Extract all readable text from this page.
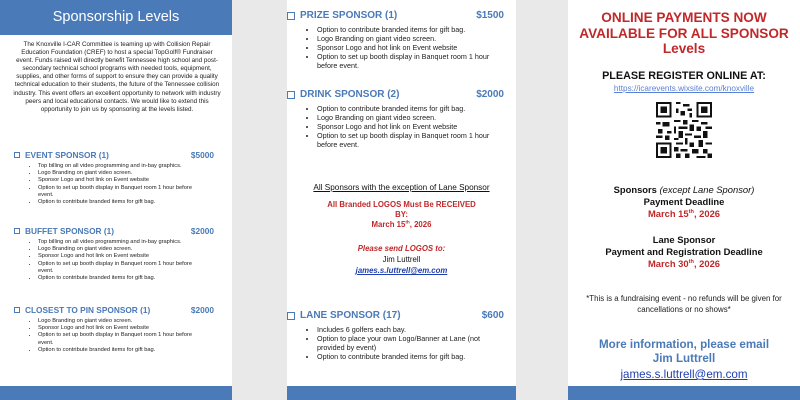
Sponsorship Levels
The Knoxville I-CAR Committee is teaming up with Collision Repair Education Foundation (CREF) to host a special TopGolf® Fundraiser event. Funds raised will directly benefit Tennessee high school and post-secondary technical school programs with needed tools, equipment, supplies, and other forms of support to ensure they can provide a quality technical education to their students, the future of the Tennessee collision industry. This event offers an excellent opportunity to network with industry peers and local educational contacts. We would like to extend this opportunity to join us by sponsoring at the levels listed.
EVENT SPONSOR (1)	$5000
• Top billing on all video programming and in-bay graphics.
• Logo Branding on giant video screen.
• Sponsor Logo and hot link on Event website
• Option to set up booth display in Banquet room 1 hour before event.
• Option to contribute branded items for gift bag.
BUFFET SPONSOR (1)	$2000
• Top billing on all video programming and in-bay graphics.
• Logo Branding on giant video screen.
• Sponsor Logo and hot link on Event website
• Option to set up booth display in Banquet room 1 hour before event.
• Option to contribute branded items for gift bag.
CLOSEST TO PIN SPONSOR (1)	$2000
• Logo Branding on giant video screen.
• Sponsor Logo and hot link on Event website
• Option to set up booth display in Banquet room 1 hour before event.
• Option to contribute branded items for gift bag.
PRIZE SPONSOR (1)	$1500
• Option to contribute branded items for gift bag.
• Logo Branding on giant video screen.
• Sponsor Logo and hot link on Event website
• Option to set up booth display in Banquet room 1 hour before event.
DRINK SPONSOR (2)	$2000
• Option to contribute branded items for gift bag.
• Logo Branding on giant video screen.
• Sponsor Logo and hot link on Event website
• Option to set up booth display in Banquet room 1 hour before event.
All Sponsors with the exception of Lane Sponsor
All Branded LOGOS Must Be RECEIVED
BY:
March 15th, 2026
Please send LOGOS to:
Jim Luttrell
james.s.luttrell@em.com
LANE SPONSOR (17)	$600
• Includes 6 golfers each bay.
• Option to place your own Logo/Banner at Lane (not provided by event)
• Option to contribute branded items for gift bag.
ONLINE PAYMENTS NOW AVAILABLE FOR ALL SPONSOR Levels
PLEASE REGISTER ONLINE AT:
https://icarevents.wixsite.com/knoxville
Sponsors (except Lane Sponsor)
Payment Deadline
March 15th, 2026
Lane Sponsor
Payment and Registration Deadline
March 30th, 2026
*This is a fundraising event - no refunds will be given for cancellations or no shows*
More information, please email
Jim Luttrell
james.s.luttrell@em.com
